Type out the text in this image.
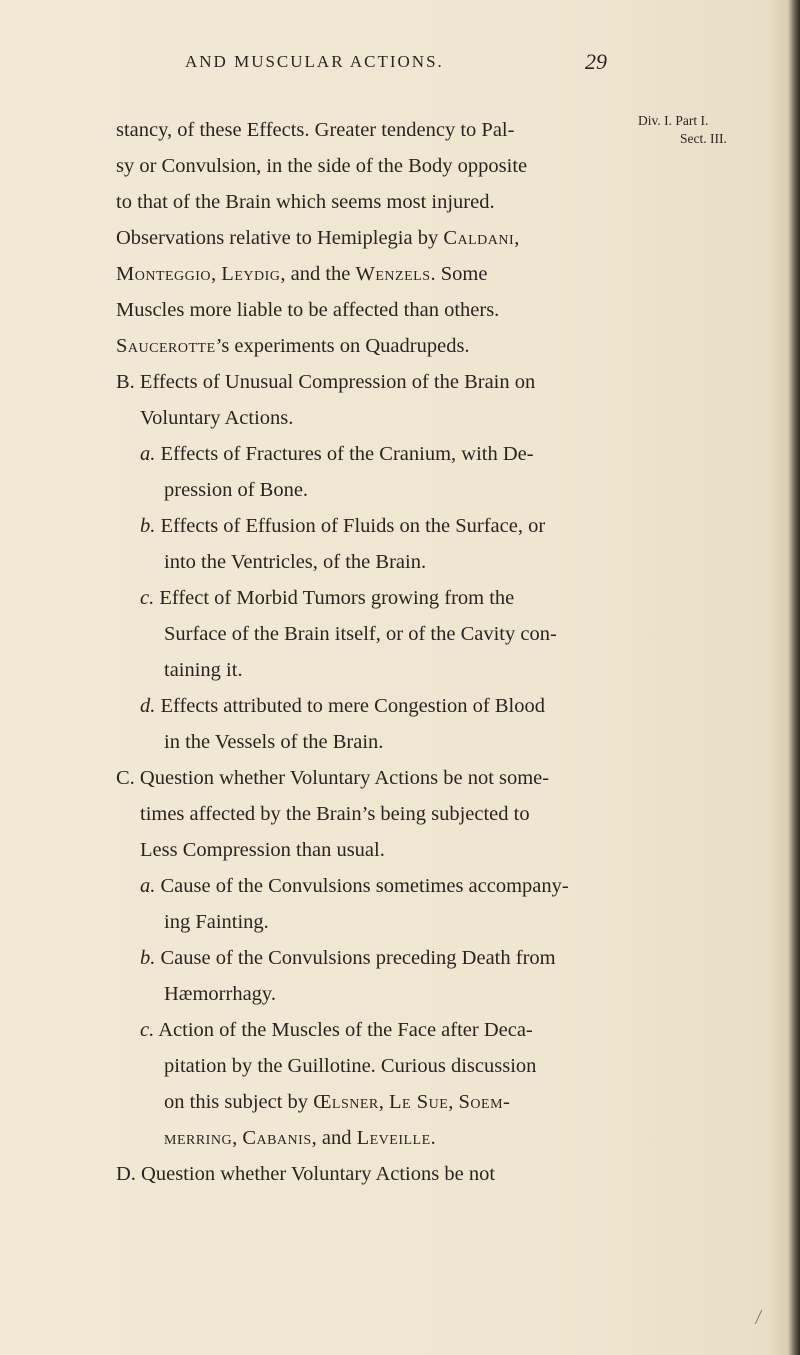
AND MUSCULAR ACTIONS.	29
Div. I. Part I.
Sect. III.
stancy, of these Effects. Greater tendency to Pal-
sy or Convulsion, in the side of the Body opposite
to that of the Brain which seems most injured.
Observations relative to Hemiplegia by Caldani,
Monteggio, Leydig, and the Wenzels. Some
Muscles more liable to be affected than others.
Saucerotte’s experiments on Quadrupeds.
B. Effects of Unusual Compression of the Brain on
Voluntary Actions.
a. Effects of Fractures of the Cranium, with De-
pression of Bone.
b. Effects of Effusion of Fluids on the Surface, or
into the Ventricles, of the Brain.
c. Effect of Morbid Tumors growing from the
Surface of the Brain itself, or of the Cavity con-
taining it.
d. Effects attributed to mere Congestion of Blood
in the Vessels of the Brain.
C. Question whether Voluntary Actions be not some-
times affected by the Brain’s being subjected to
Less Compression than usual.
a. Cause of the Convulsions sometimes accompany-
ing Fainting.
b. Cause of the Convulsions preceding Death from
Hæmorrhagy.
c. Action of the Muscles of the Face after Deca-
pitation by the Guillotine. Curious discussion
on this subject by Œlsner, Le Sue, Soem-
merring, Cabanis, and Leveille.
D. Question whether Voluntary Actions be not
